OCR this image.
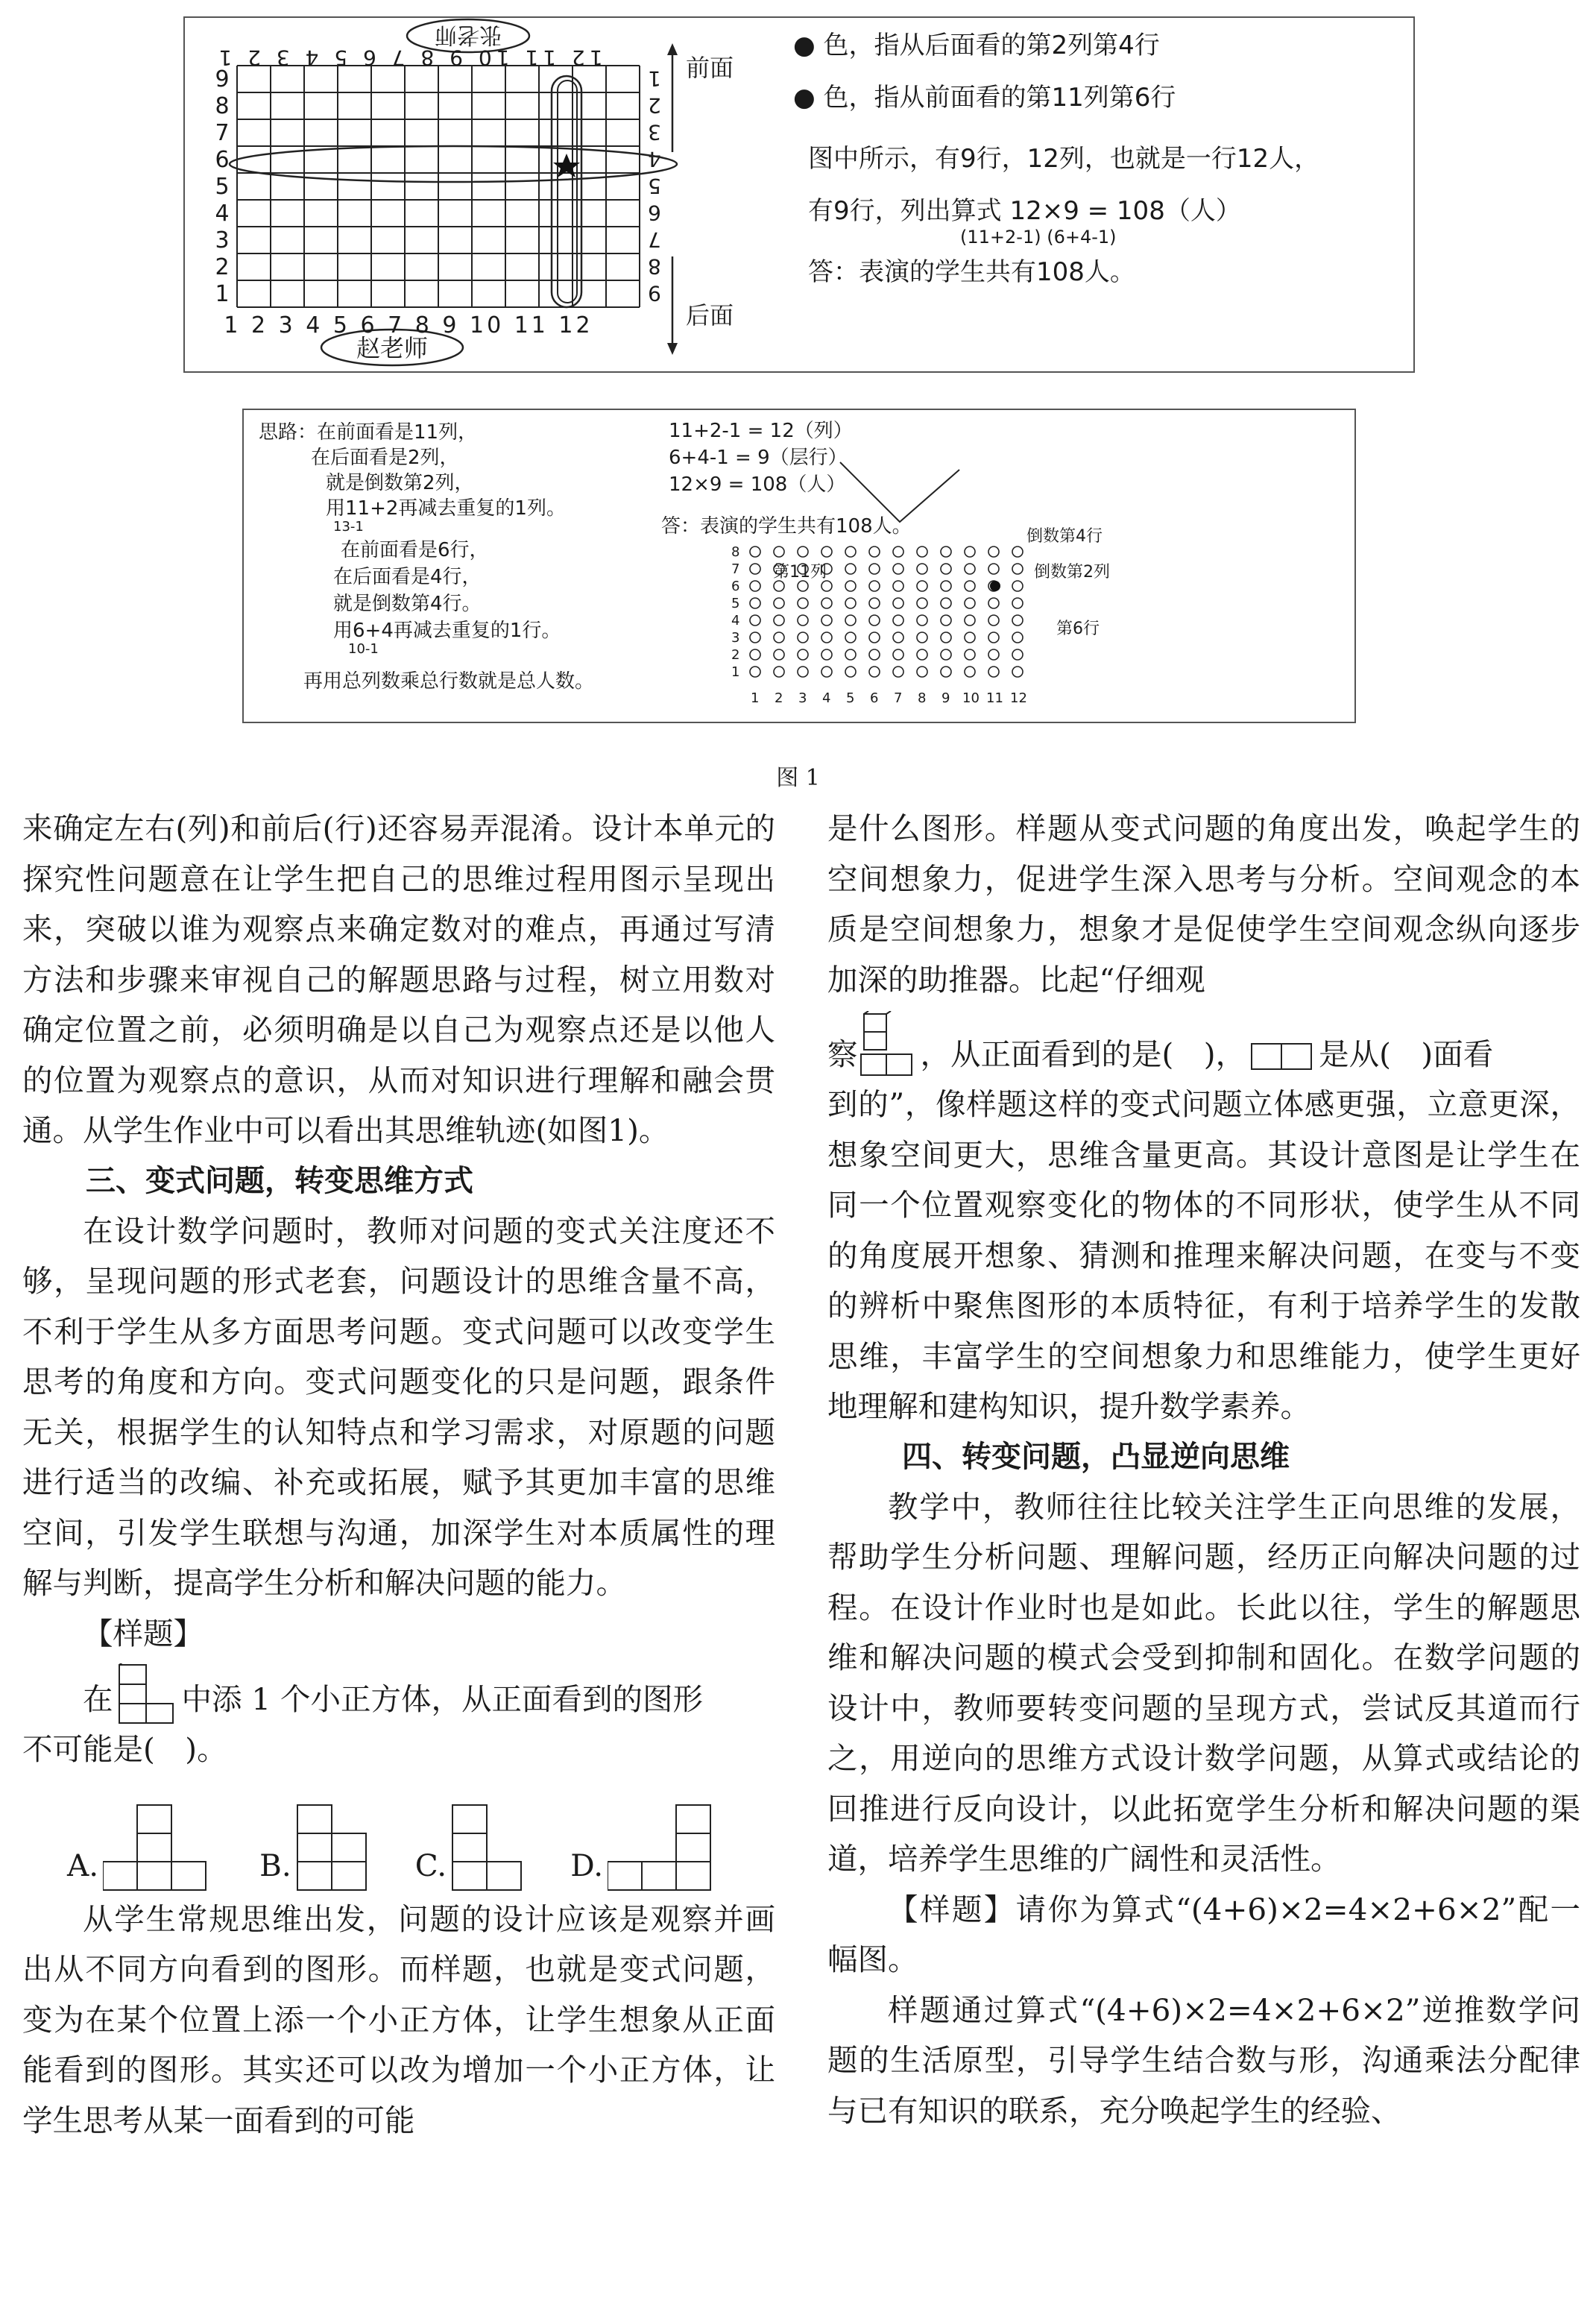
张老师
赵老师
12 11 10 9 8 7 6 5 4 3 2 1
1 2 3 4 5 6 7 8 9 10 11 12
9
8
7
6
5
4
3
2
1
1
2
3
4
5
6
7
8
9
前面
后面
● 色，指从后面看的第2列第4行
● 色，指从前面看的第11列第6行
图中所示，有9行，12列，也就是一行12人，
有9行，列出算式 12×9 = 108（人）
(11+2-1) (6+4-1)
答：表演的学生共有108人。
思路：在前面看是11列，
在后面看是2列，
就是倒数第2列，
用11+2再减去重复的1列。
13-1
在前面看是6行，
在后面看是4行，
就是倒数第4行。
用6+4再减去重复的1行。
10-1
再用总列数乘总行数就是总人数。
11+2-1 = 12（列）
6+4-1 = 9（层行）
12×9 = 108（人）
答：表演的学生共有108人。
8
7
6
5
4
3
2
1
1 2 3 4 5 6 7 8 9 10 11 12
倒数第4行
倒数第2列
第11列
第6行
图 1

来确定左右(列)和前后(行)还容易弄混淆。设计本单元的探究性问题意在让学生把自己的思维过程用图示呈现出来，突破以谁为观察点来确定数对的难点，再通过写清方法和步骤来审视自己的解题思路与过程，树立用数对确定位置之前，必须明确是以自己为观察点还是以他人的位置为观察点的意识，从而对知识进行理解和融会贯通。从学生作业中可以看出其思维轨迹(如图1)。

三、变式问题，转变思维方式

在设计数学问题时，教师对问题的变式关注度还不够，呈现问题的形式老套，问题设计的思维含量不高，不利于学生从多方面思考问题。变式问题可以改变学生思考的角度和方向。变式问题变化的只是问题，跟条件无关，根据学生的认知特点和学习需求，对原题的问题进行适当的改编、补充或拓展，赋予其更加丰富的思维空间，引发学生联想与沟通，加深学生对本质属性的理解与判断，提高学生分析和解决问题的能力。

【样题】

在 中添 1 个小正方体，从正面看到的图形

不可能是(　)。

A.	B.	C.	D.

从学生常规思维出发，问题的设计应该是观察并画出从不同方向看到的图形。而样题，也就是变式问题，变为在某个位置上添一个小正方体，让学生想象从正面能看到的图形。其实还可以改为增加一个小正方体，让学生思考从某一面看到的可能

是什么图形。样题从变式问题的角度出发，唤起学生的空间想象力，促进学生深入思考与分析。空间观念的本质是空间想象力，想象才是促使学生空间观念纵向逐步加深的助推器。比起“仔细观

察 ，从正面看到的是(　)， 是从(　)面看

到的”，像样题这样的变式问题立体感更强，立意更深，想象空间更大，思维含量更高。其设计意图是让学生在同一个位置观察变化的物体的不同形状，使学生从不同的角度展开想象、猜测和推理来解决问题，在变与不变的辨析中聚焦图形的本质特征，有利于培养学生的发散思维，丰富学生的空间想象力和思维能力，使学生更好地理解和建构知识，提升数学素养。

四、转变问题，凸显逆向思维

教学中，教师往往比较关注学生正向思维的发展，帮助学生分析问题、理解问题，经历正向解决问题的过程。在设计作业时也是如此。长此以往，学生的解题思维和解决问题的模式会受到抑制和固化。在数学问题的设计中，教师要转变问题的呈现方式，尝试反其道而行之，用逆向的思维方式设计数学问题，从算式或结论的回推进行反向设计，以此拓宽学生分析和解决问题的渠道，培养学生思维的广阔性和灵活性。

【样题】请你为算式“(4+6)×2=4×2+6×2”配一幅图。

样题通过算式“(4+6)×2=4×2+6×2”逆推数学问题的生活原型，引导学生结合数与形，沟通乘法分配律与已有知识的联系，充分唤起学生的经验、
